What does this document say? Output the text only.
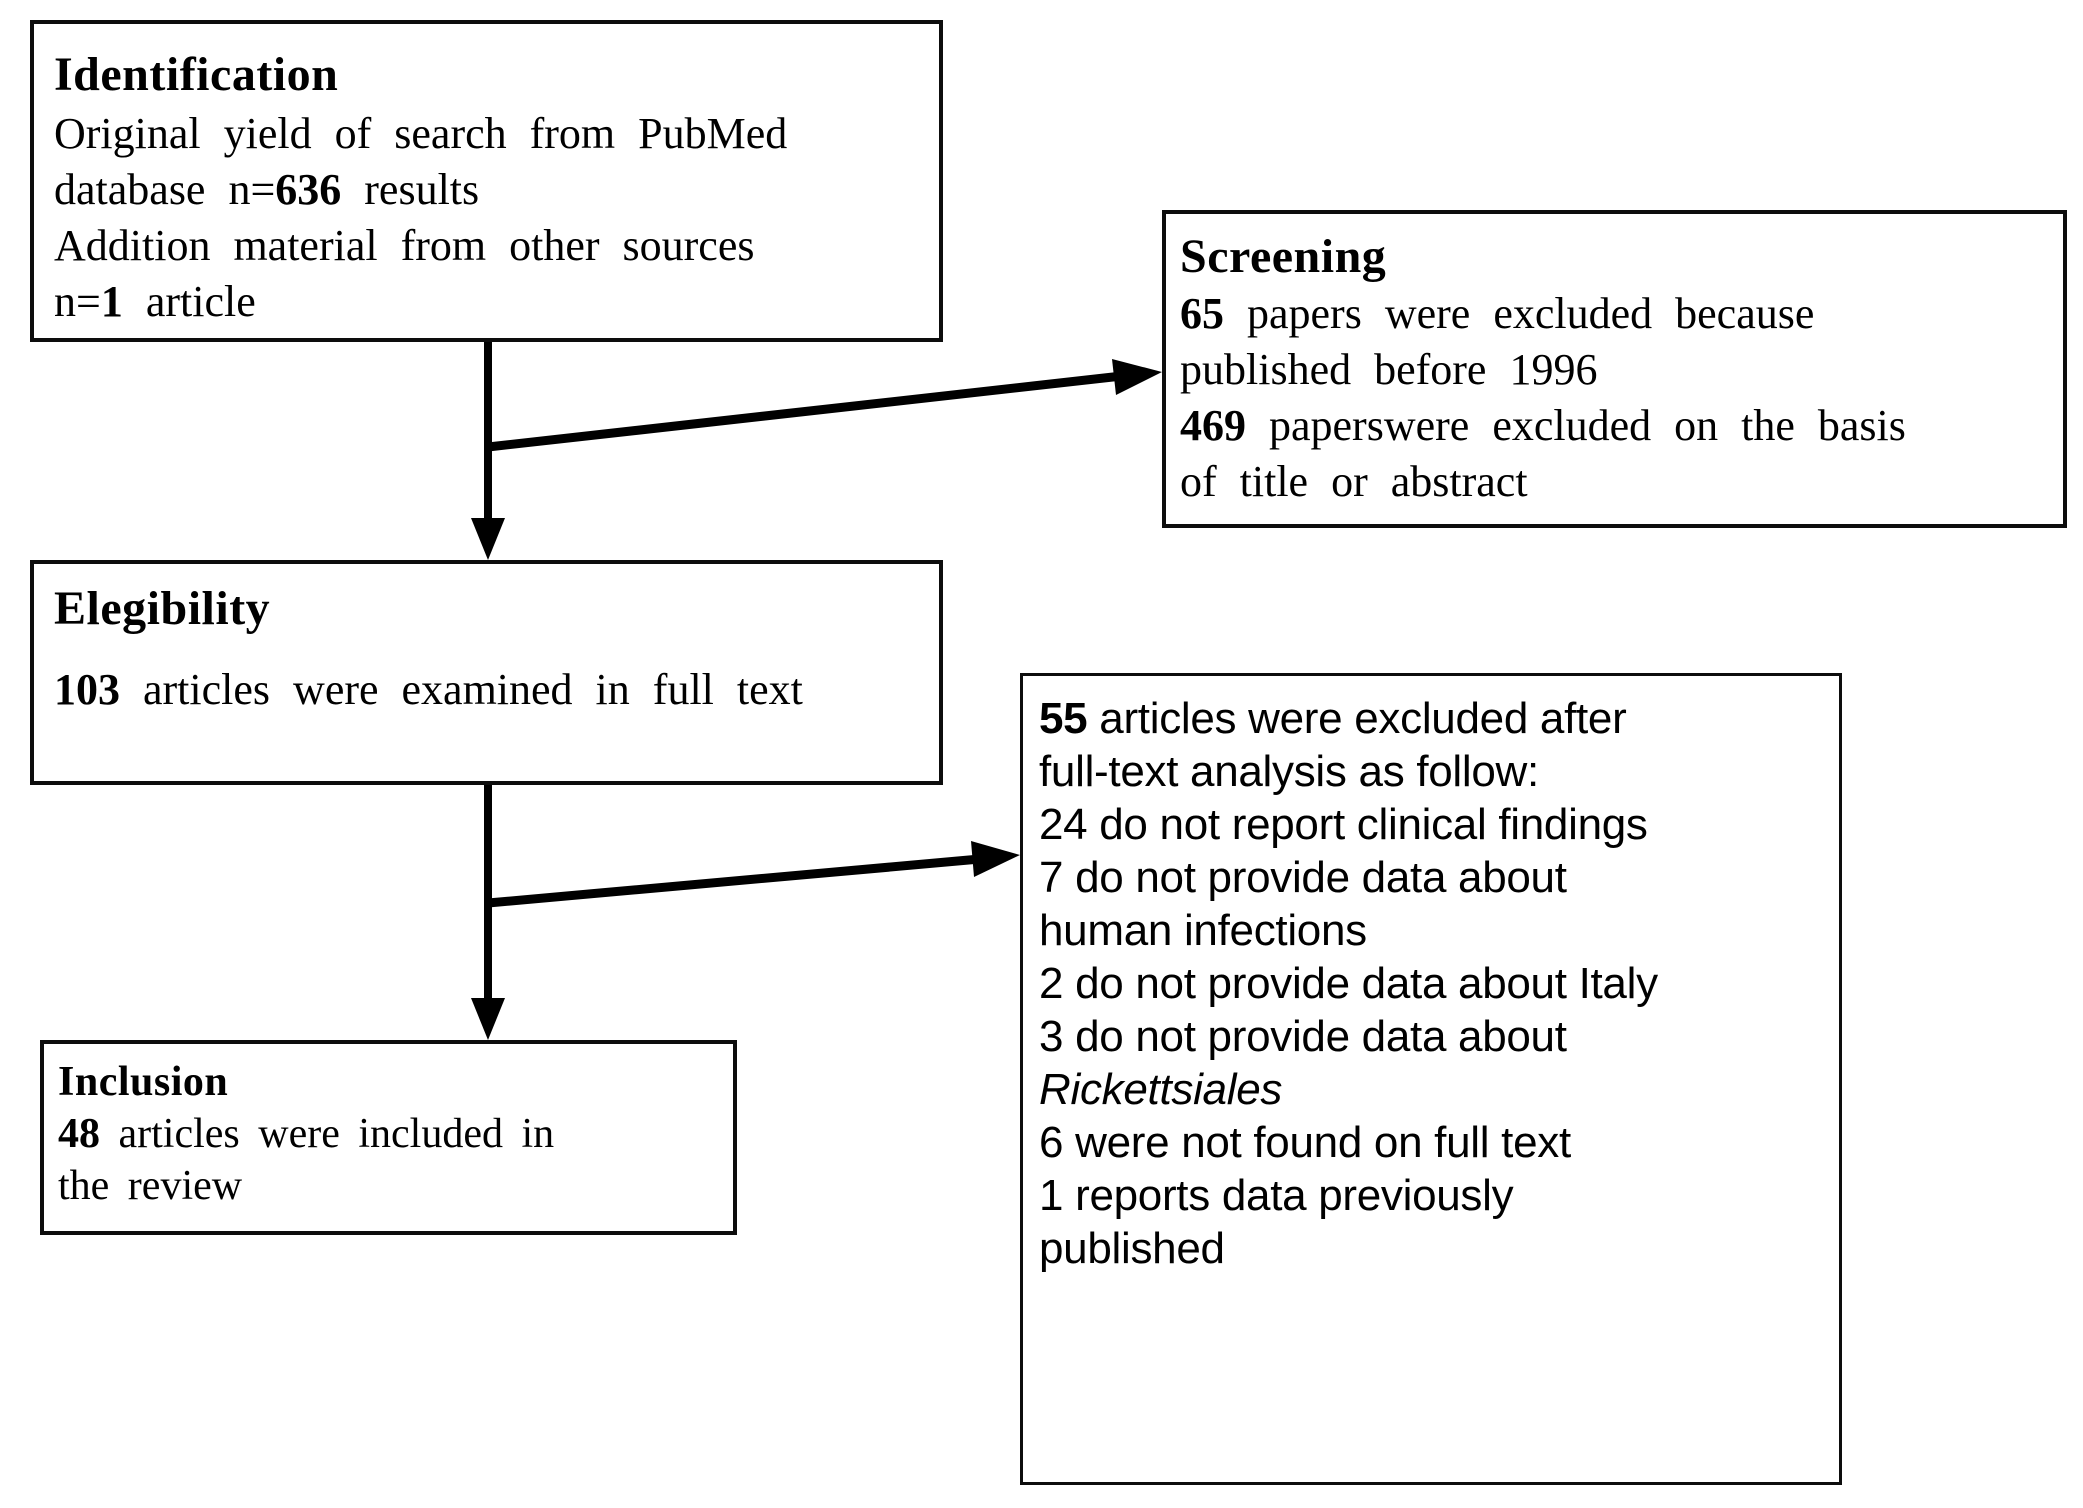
Identification
Original yield of search from PubMed
database n=636 results
Addition material from other sources
n=1 article
Screening
65 papers were excluded because
published before 1996
469 paperswere excluded on the basis
of title or abstract
Elegibility
103 articles were examined in full text
Inclusion
48 articles were included in
the review
55 articles were excluded after
full-text analysis as follow:
24 do not report clinical findings
7 do not provide data about
human infections
2 do not provide data about Italy
3 do not provide data about
Rickettsiales
6 were not found on full text
1 reports data previously
published
